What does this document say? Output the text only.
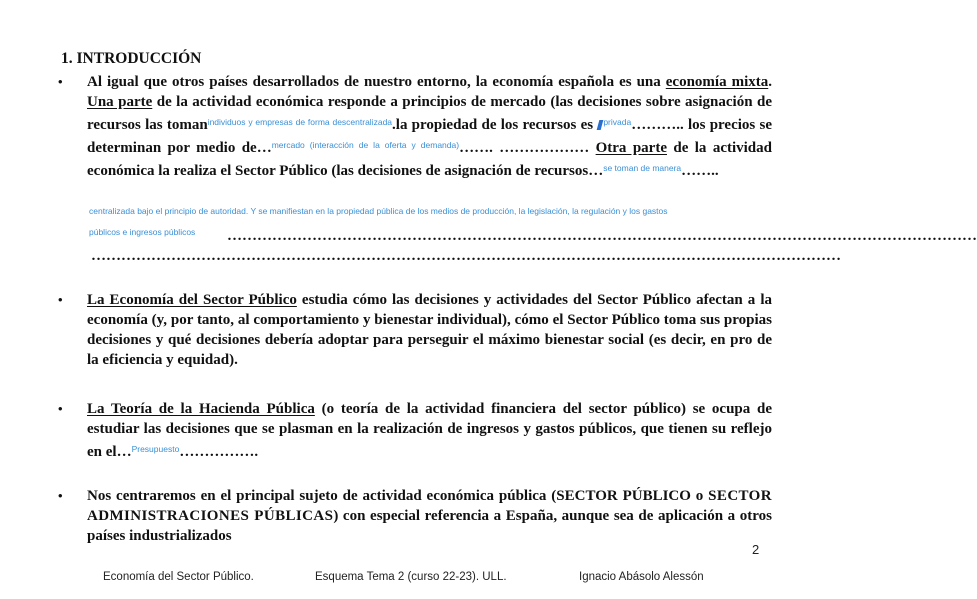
1. INTRODUCCIÓN
•	Al igual que otros países desarrollados de nuestro entorno, la economía española es una economía mixta. Una parte de la actividad económica responde a principios de mercado (las decisiones sobre asignación de recursos las toman$^{individuos y empresas de forma descentralizada}$.la propiedad de los recursos es $^{privada}$……….. los precios se determinan por medio de…$^{mercado (interacción de la oferta y demanda)}$……. ……………… Otra parte de la actividad económica la realiza el Sector Público (las decisiones de asignación de recursos…$^{se toman de manera}$……..
centralizada bajo el principio de autoridad. Y se manifiestan en la propiedad pública de los medios de producción, la legislación, la regulación y los gastos
públicos e ingresos públicos	……………………………………………………………………………………………………………………………………
……………………………………………………………………………………………………………………………………
•	La Economía del Sector Público estudia cómo las decisiones y actividades del Sector Público afectan a la economía (y, por tanto, al comportamiento y bienestar individual), cómo el Sector Público toma sus propias decisiones y qué decisiones debería adoptar para perseguir el máximo bienestar social (es decir, en pro de la eficiencia y equidad).
•	La Teoría de la Hacienda Pública (o teoría de la actividad financiera del sector público) se ocupa de estudiar las decisiones que se plasman en la realización de ingresos y gastos públicos, que tienen su reflejo en el…$^{Presupuesto}$…………….
•	Nos centraremos en el principal sujeto de actividad económica pública (SECTOR PÚBLICO o SECTOR ADMINISTRACIONES PÚBLICAS) con especial referencia a España, aunque sea de aplicación a otros países industrializados
2
Economía del Sector Público.	Esquema Tema 2 (curso 22-23). ULL.	Ignacio Abásolo Alessón
